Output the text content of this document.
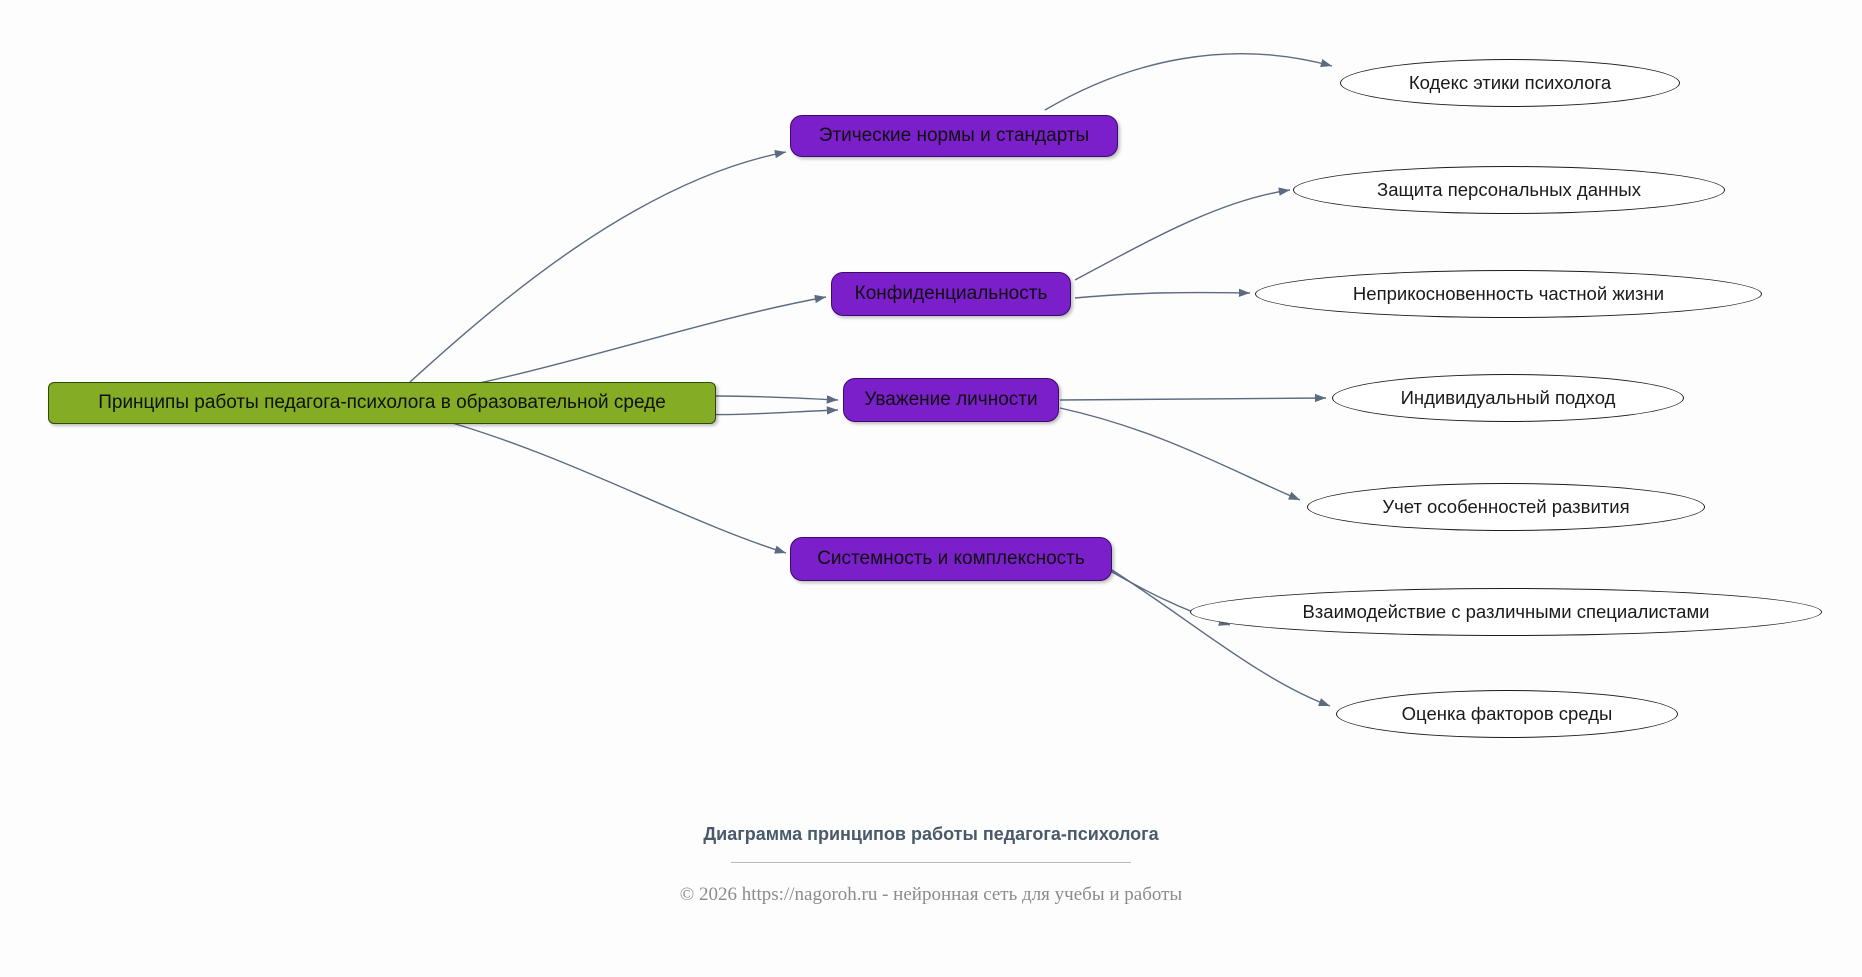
Принципы работы педагога-психолога в образовательной среде
Этические нормы и стандарты
Конфиденциальность
Уважение личности
Системность и комплексность
Кодекс этики психолога
Защита персональных данных
Неприкосновенность частной жизни
Индивидуальный подход
Учет особенностей развития
Взаимодействие с различными специалистами
Оценка факторов среды
Диаграмма принципов работы педагога-психолога
© 2026 https://nagoroh.ru - нейронная сеть для учебы и работы
